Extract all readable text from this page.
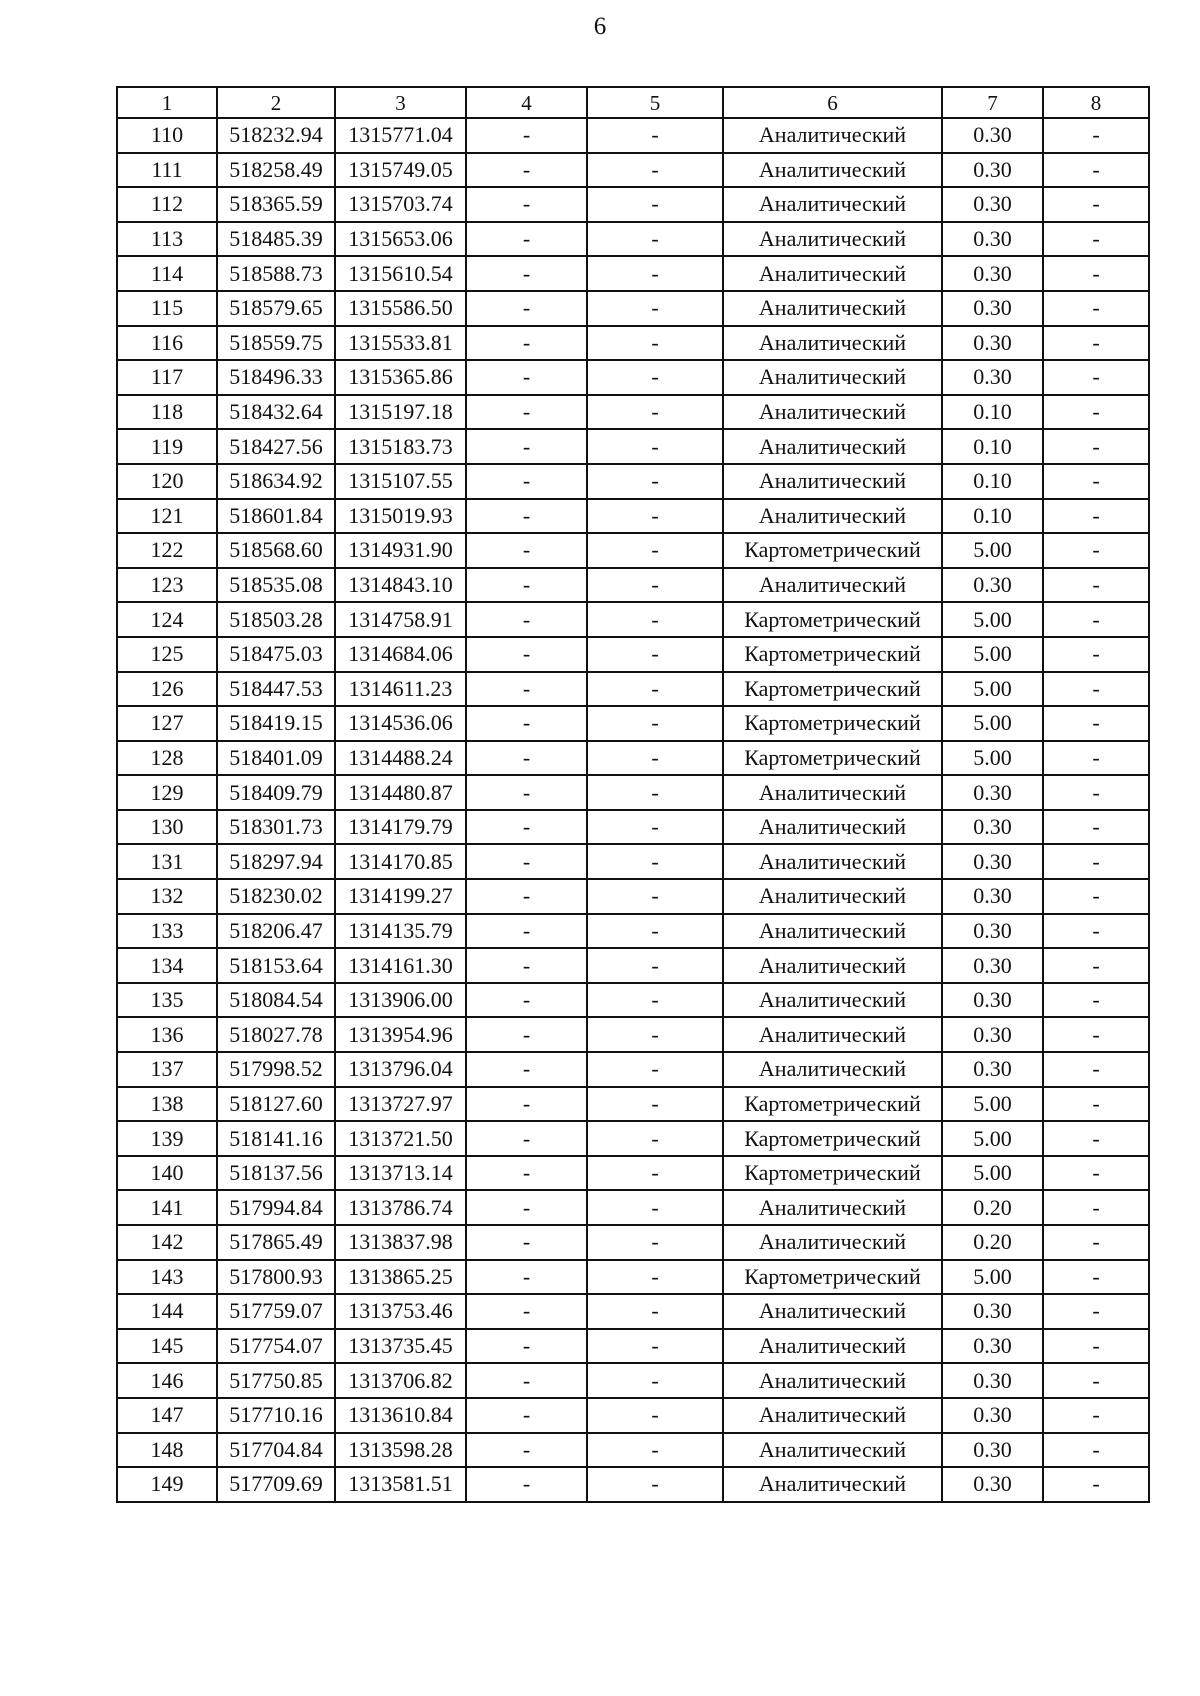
6
1	2	3	4	5	6	7	8
110	518232.94	1315771.04	-	-	Аналитический	0.30	-
111	518258.49	1315749.05	-	-	Аналитический	0.30	-
112	518365.59	1315703.74	-	-	Аналитический	0.30	-
113	518485.39	1315653.06	-	-	Аналитический	0.30	-
114	518588.73	1315610.54	-	-	Аналитический	0.30	-
115	518579.65	1315586.50	-	-	Аналитический	0.30	-
116	518559.75	1315533.81	-	-	Аналитический	0.30	-
117	518496.33	1315365.86	-	-	Аналитический	0.30	-
118	518432.64	1315197.18	-	-	Аналитический	0.10	-
119	518427.56	1315183.73	-	-	Аналитический	0.10	-
120	518634.92	1315107.55	-	-	Аналитический	0.10	-
121	518601.84	1315019.93	-	-	Аналитический	0.10	-
122	518568.60	1314931.90	-	-	Картометрический	5.00	-
123	518535.08	1314843.10	-	-	Аналитический	0.30	-
124	518503.28	1314758.91	-	-	Картометрический	5.00	-
125	518475.03	1314684.06	-	-	Картометрический	5.00	-
126	518447.53	1314611.23	-	-	Картометрический	5.00	-
127	518419.15	1314536.06	-	-	Картометрический	5.00	-
128	518401.09	1314488.24	-	-	Картометрический	5.00	-
129	518409.79	1314480.87	-	-	Аналитический	0.30	-
130	518301.73	1314179.79	-	-	Аналитический	0.30	-
131	518297.94	1314170.85	-	-	Аналитический	0.30	-
132	518230.02	1314199.27	-	-	Аналитический	0.30	-
133	518206.47	1314135.79	-	-	Аналитический	0.30	-
134	518153.64	1314161.30	-	-	Аналитический	0.30	-
135	518084.54	1313906.00	-	-	Аналитический	0.30	-
136	518027.78	1313954.96	-	-	Аналитический	0.30	-
137	517998.52	1313796.04	-	-	Аналитический	0.30	-
138	518127.60	1313727.97	-	-	Картометрический	5.00	-
139	518141.16	1313721.50	-	-	Картометрический	5.00	-
140	518137.56	1313713.14	-	-	Картометрический	5.00	-
141	517994.84	1313786.74	-	-	Аналитический	0.20	-
142	517865.49	1313837.98	-	-	Аналитический	0.20	-
143	517800.93	1313865.25	-	-	Картометрический	5.00	-
144	517759.07	1313753.46	-	-	Аналитический	0.30	-
145	517754.07	1313735.45	-	-	Аналитический	0.30	-
146	517750.85	1313706.82	-	-	Аналитический	0.30	-
147	517710.16	1313610.84	-	-	Аналитический	0.30	-
148	517704.84	1313598.28	-	-	Аналитический	0.30	-
149	517709.69	1313581.51	-	-	Аналитический	0.30	-
